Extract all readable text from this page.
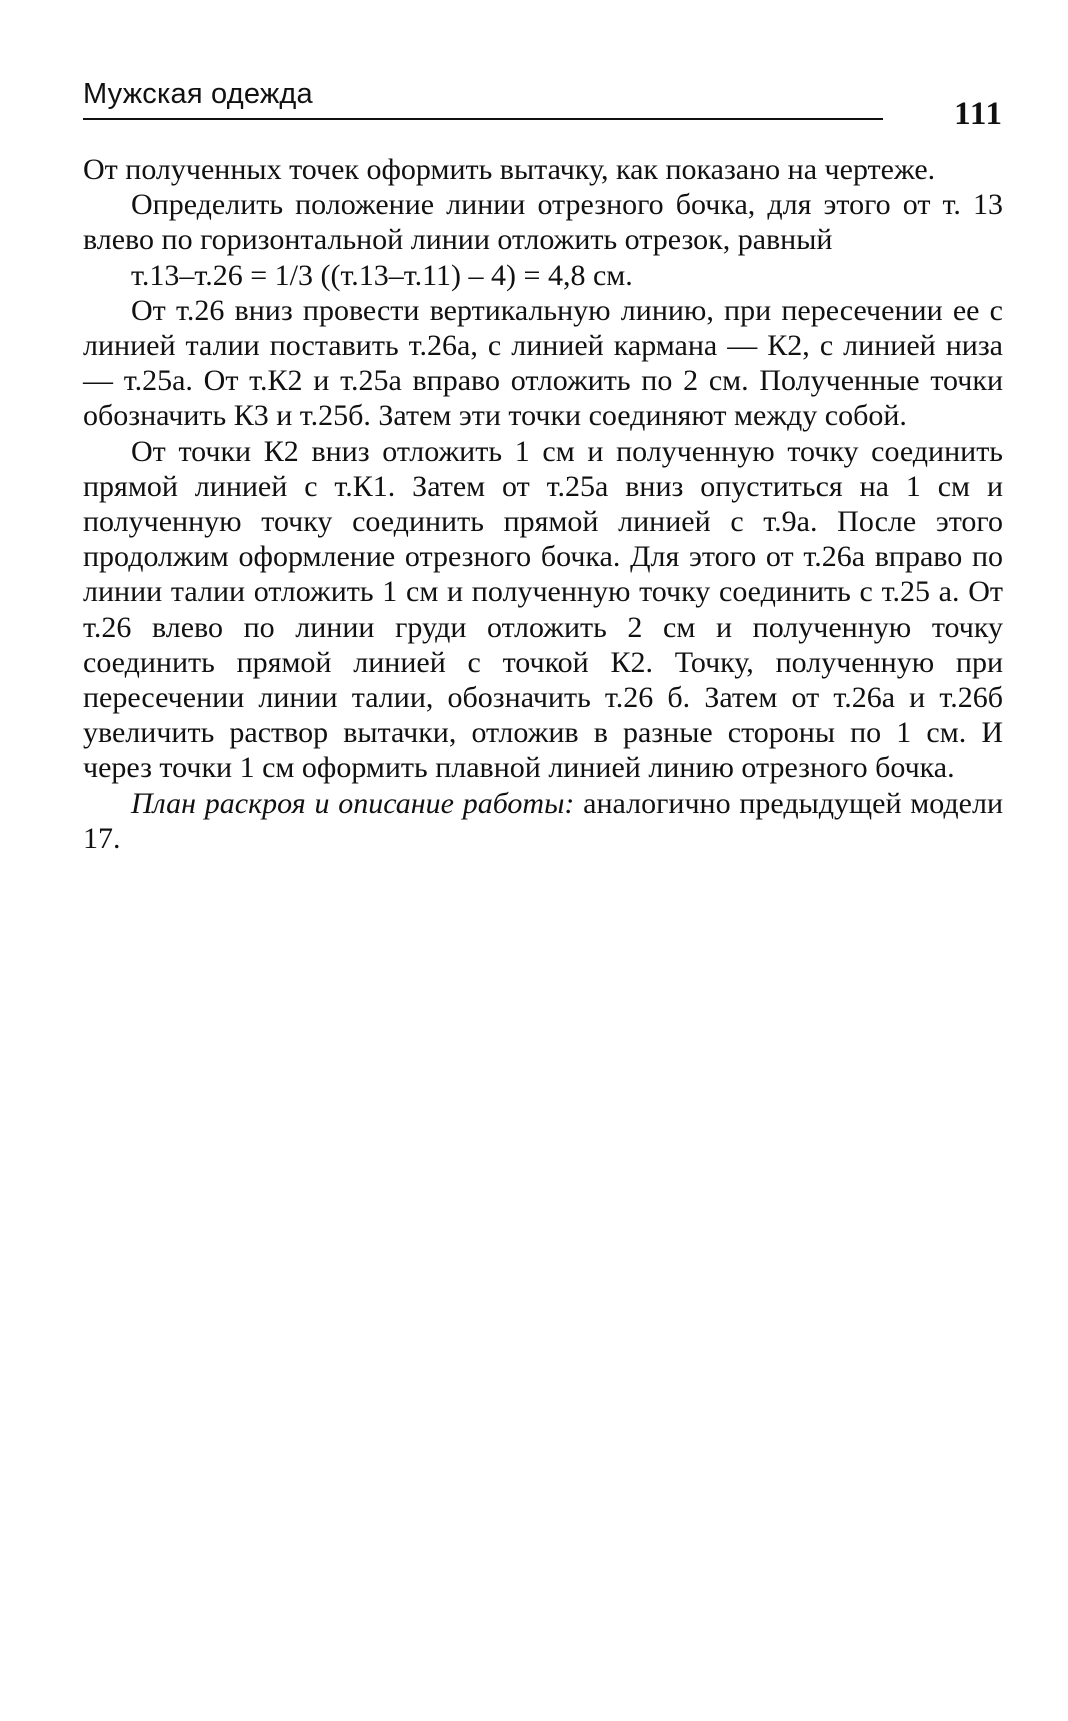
Мужская одежда
111

От полученных точек оформить вытачку, как показано на чертеже.

Определить положение линии отрезного бочка, для этого от т. 13 влево по горизонтальной линии отложить отрезок, равный

т.13–т.26 = 1/3 ((т.13–т.11) – 4) = 4,8 см.

От т.26 вниз провести вертикальную линию, при пересечении ее с линией талии поставить т.26а, с линией кармана — К2, с линией низа — т.25а. От т.К2 и т.25а вправо отложить по 2 см. Полученные точки обозначить К3 и т.25б. Затем эти точки соединяют между собой.

От точки К2 вниз отложить 1 см и полученную точку соединить прямой линией с т.К1. Затем от т.25а вниз опуститься на 1 см и полученную точку соединить прямой линией с т.9а. После этого продолжим оформление отрезного бочка. Для этого от т.26а вправо по линии талии отложить 1 см и полученную точку соединить с т.25 а. От т.26 влево по линии груди отложить 2 см и полученную точку соединить прямой линией с точкой К2. Точку, полученную при пересечении линии талии, обозначить т.26 б. Затем от т.26а и т.26б увеличить раствор вытачки, отложив в разные стороны по 1 см. И через точки 1 см оформить плавной линией линию отрезного бочка.

План раскроя и описание работы: аналогично предыдущей модели 17.
